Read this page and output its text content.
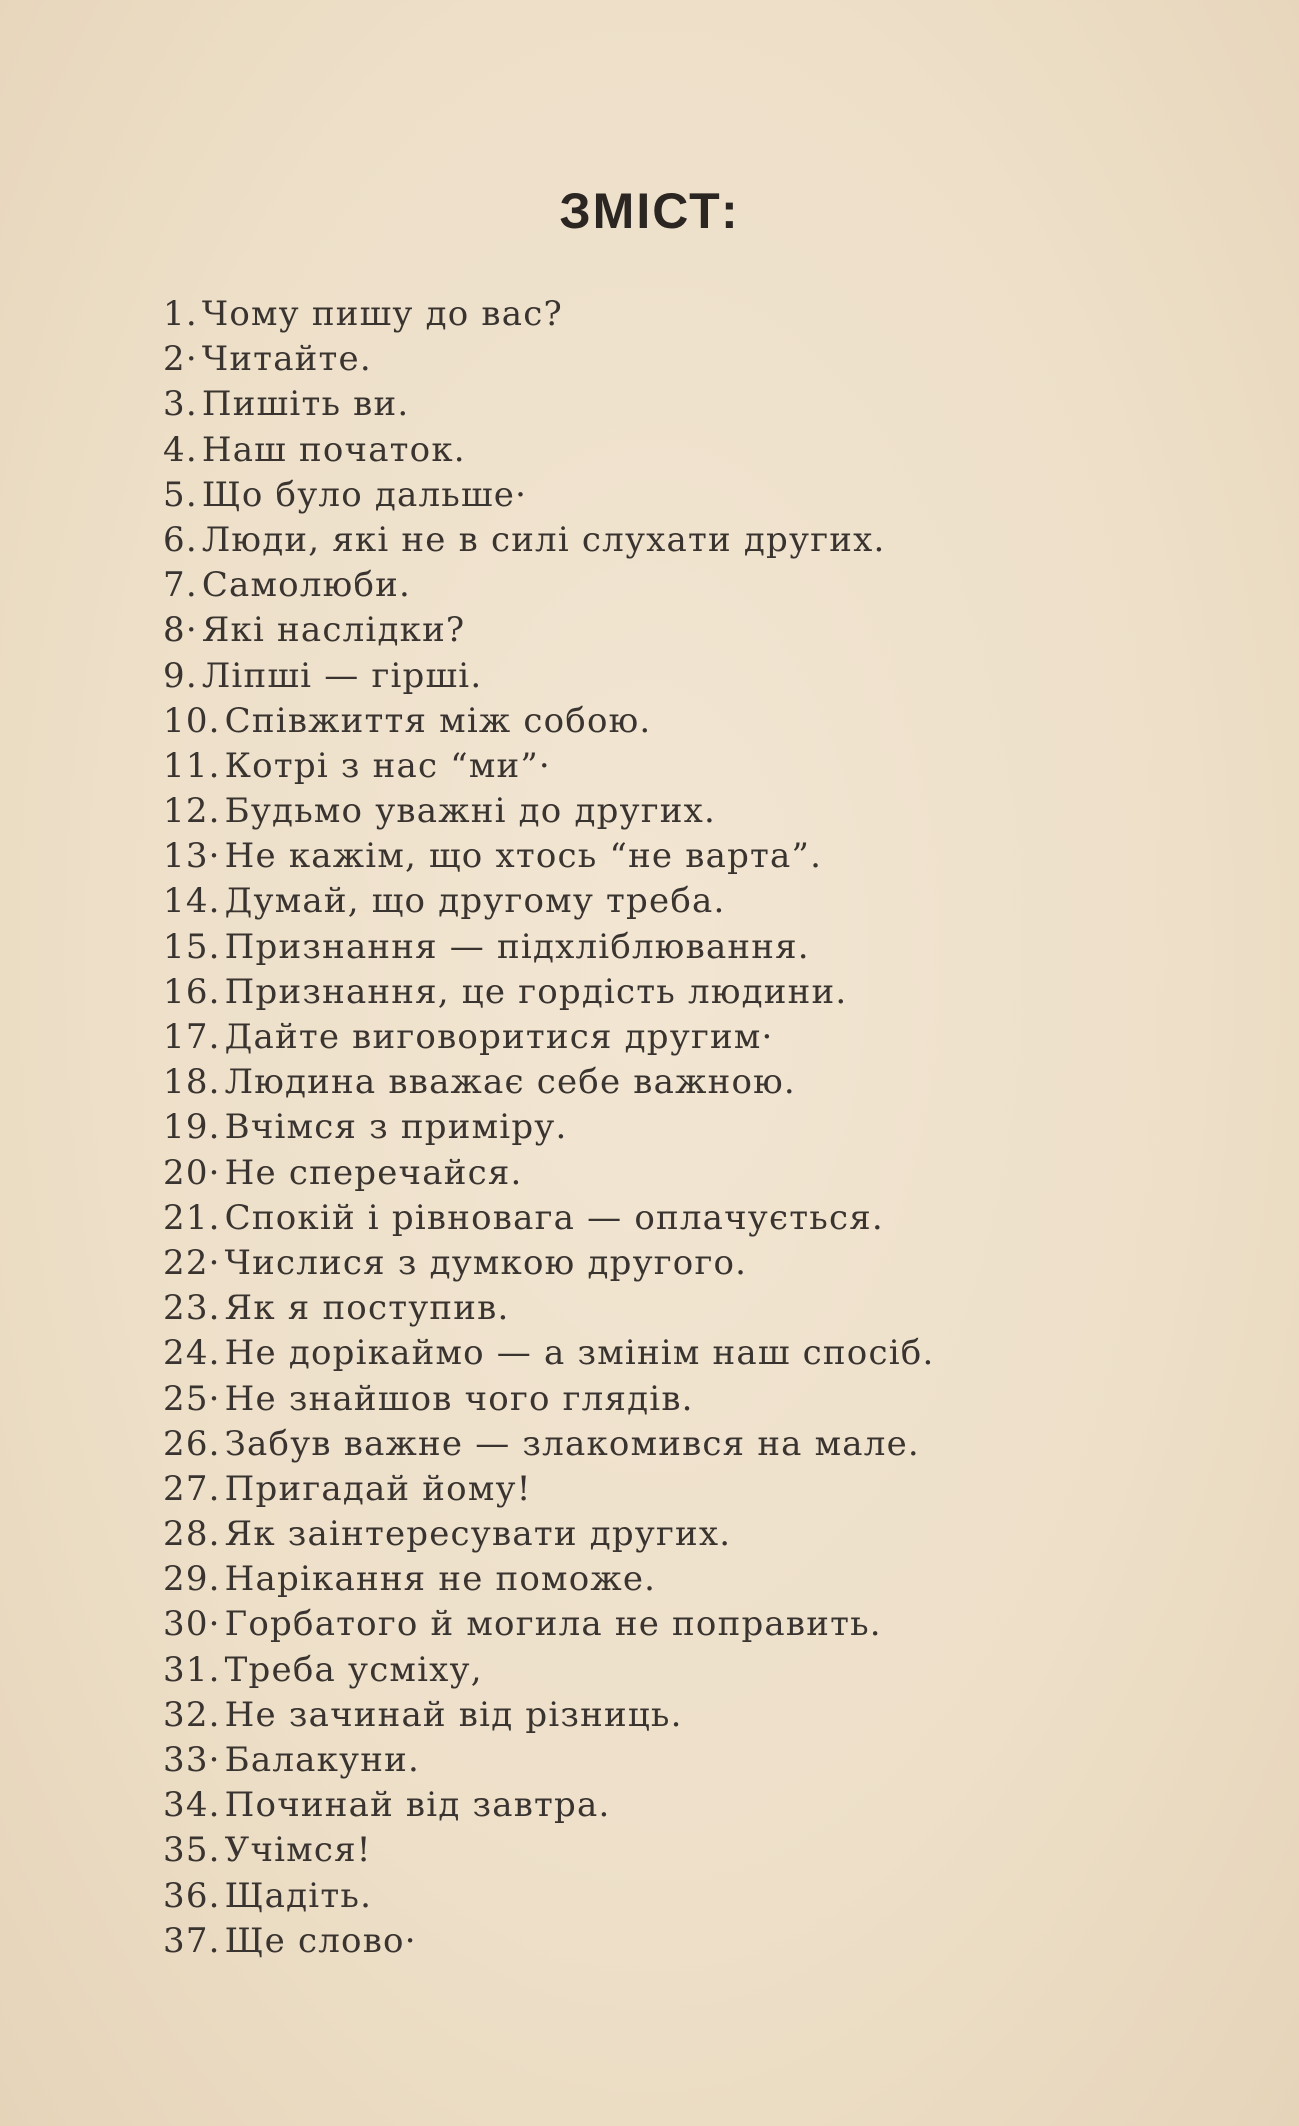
ЗМІСТ:
1. Чому пишу до вас?
2· Читайте.
3. Пишіть ви.
4. Наш початок.
5. Що було дальше·
6. Люди, які не в силі слухати других.
7. Самолюби.
8· Які наслідки?
9. Ліпші — гірші.
10. Співжиття між собою.
11. Котрі з нас “ми”·
12. Будьмо уважні до других.
13· Не кажім, що хтось “не варта”.
14. Думай, що другому треба.
15. Признання — підхліблювання.
16. Признання, це гордість людини.
17. Дайте виговоритися другим·
18. Людина вважає себе важною.
19. Вчімся з приміру.
20· Не сперечайся.
21. Спокій і рівновага — оплачується.
22· Числися з думкою другого.
23. Як я поступив.
24. Не дорікаймо — а змінім наш спосіб.
25· Не знайшов чого глядів.
26. Забув важне — злакомився на мале.
27. Пригадай йому!
28. Як заінтересувати других.
29. Нарікання не поможе.
30· Горбатого й могила не поправить.
31. Треба усміху,
32. Не зачинай від різниць.
33· Балакуни.
34. Починай від завтра.
35. Учімся!
36. Щадіть.
37. Ще слово·
